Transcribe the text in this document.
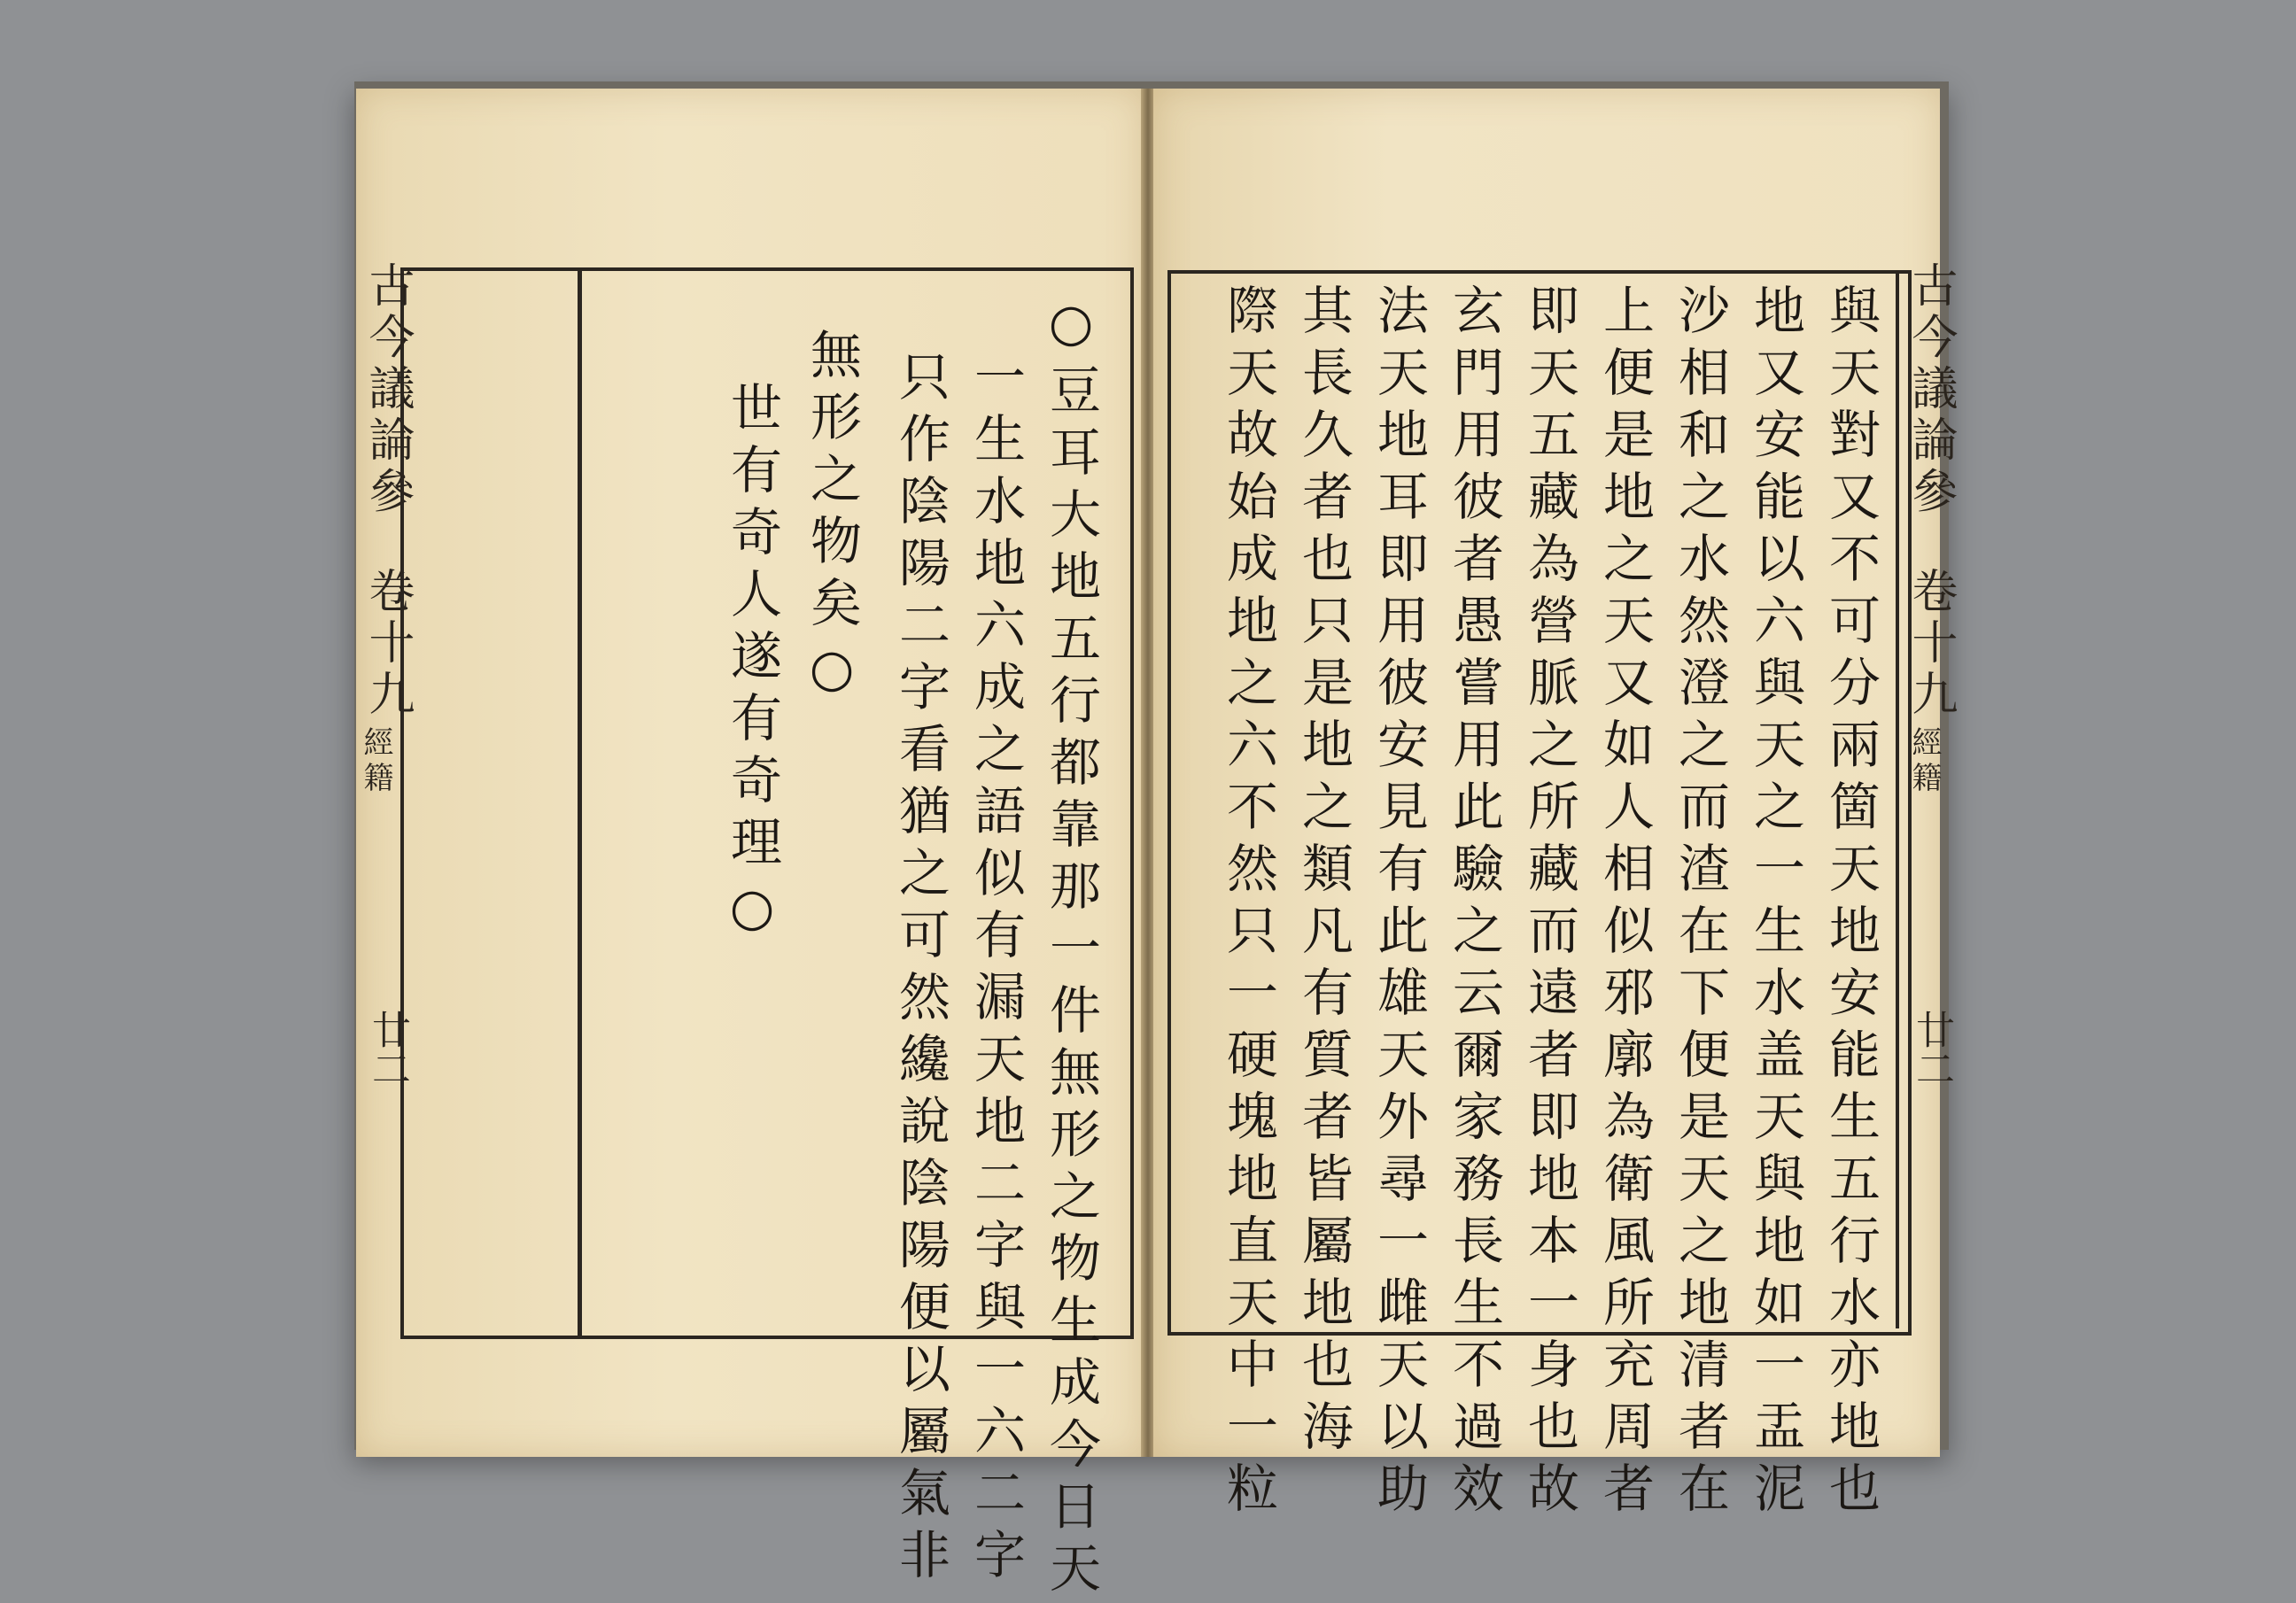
古今議論參
卷十九
經籍
廿二	○豆耳大地五行都靠那一件無形之物生成今日天
一生水地六成之語似有漏天地二字與一六二字
只作陰陽二字看猶之可然纔說陰陽便以屬氣非
無形之物矣○
世有奇人遂有奇理○	古今議論參
卷十九
經籍
廿二
與天對又不可分兩箇天地安能生五行水亦地也
地又安能以六與天之一生水盖天與地如一盂泥
沙相和之水然澄之而渣在下便是天之地清者在
上便是地之天又如人相似邪廓為衛風所充周者
即天五藏為營脈之所藏而遠者即地本一身也故
玄門用彼者愚嘗用此驗之云爾家務長生不過效
法天地耳即用彼安見有此雄天外尋一雌天以助
其長久者也只是地之類凡有質者皆屬地也海
際天故始成地之六不然只一硬塊地直天中一粒
